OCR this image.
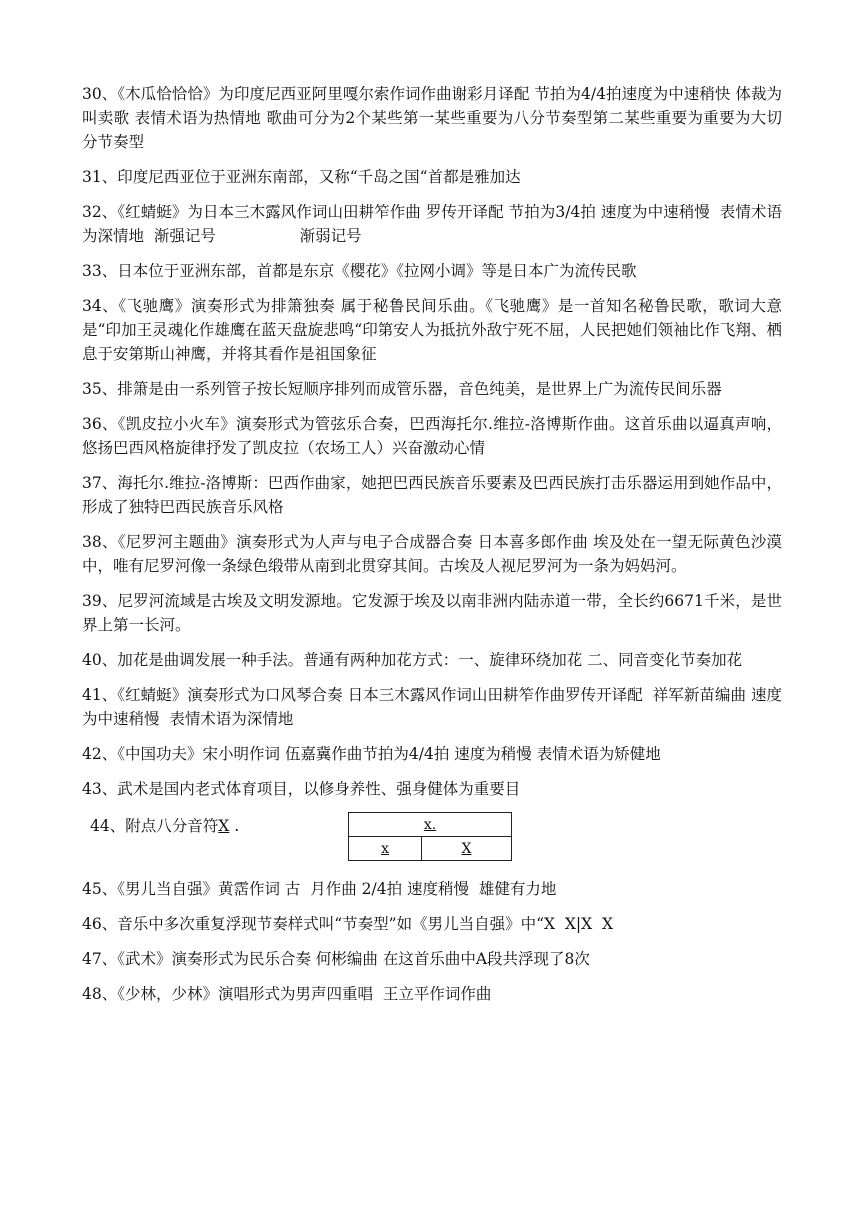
30、《木瓜恰恰恰》为印度尼西亚阿里嘎尔索作词作曲谢彩月译配 节拍为4/4拍速度为中速稍快 体裁为叫卖歌 表情术语为热情地 歌曲可分为2个某些第一某些重要为八分节奏型第二某些重要为重要为大切分节奏型

31、印度尼西亚位于亚洲东南部，又称“千岛之国“首都是雅加达

32、《红蜻蜓》为日本三木露风作词山田耕笮作曲 罗传开译配 节拍为3/4拍 速度为中速稍慢  表情术语为深情地  渐强记号                 渐弱记号

33、日本位于亚洲东部，首都是东京《樱花》《拉网小调》等是日本广为流传民歌

34、《飞驰鹰》演奏形式为排箫独奏 属于秘鲁民间乐曲。《飞驰鹰》是一首知名秘鲁民歌，歌词大意是“印加王灵魂化作雄鹰在蓝天盘旋悲鸣“印第安人为抵抗外敌宁死不屈，人民把她们领袖比作飞翔、栖息于安第斯山神鹰，并将其看作是祖国象征

35、排箫是由一系列管子按长短顺序排列而成管乐器，音色纯美，是世界上广为流传民间乐器

36、《凯皮拉小火车》演奏形式为管弦乐合奏，巴西海托尔.维拉-洛博斯作曲。这首乐曲以逼真声响，悠扬巴西风格旋律抒发了凯皮拉（农场工人）兴奋激动心情

37、海托尔.维拉-洛博斯：巴西作曲家，她把巴西民族音乐要素及巴西民族打击乐器运用到她作品中，形成了独特巴西民族音乐风格

38、《尼罗河主题曲》演奏形式为人声与电子合成器合奏 日本喜多郎作曲 埃及处在一望无际黄色沙漠中，唯有尼罗河像一条绿色缎带从南到北贯穿其间。古埃及人视尼罗河为一条为妈妈河。

39、尼罗河流域是古埃及文明发源地。它发源于埃及以南非洲内陆赤道一带，全长约6671千米，是世界上第一长河。

40、加花是曲调发展一种手法。普通有两种加花方式：一、旋律环绕加花 二、同音变化节奏加花

41、《红蜻蜓》演奏形式为口风琴合奏 日本三木露风作词山田耕笮作曲罗传开译配  祥军新苗编曲 速度为中速稍慢  表情术语为深情地

42、《中国功夫》宋小明作词 伍嘉冀作曲节拍为4/4拍 速度为稍慢 表情术语为矫健地

43、武术是国内老式体育项目，以修身养性、强身健体为重要目

44、附点八分音符X .	x.
x	X

45、《男儿当自强》黄霑作词 古  月作曲 2/4拍 速度稍慢  雄健有力地

46、音乐中多次重复浮现节奏样式叫“节奏型”如《男儿当自强》中“X  X|X  X

47、《武术》演奏形式为民乐合奏 何彬编曲 在这首乐曲中A段共浮现了8次

48、《少林，少林》演唱形式为男声四重唱  王立平作词作曲
